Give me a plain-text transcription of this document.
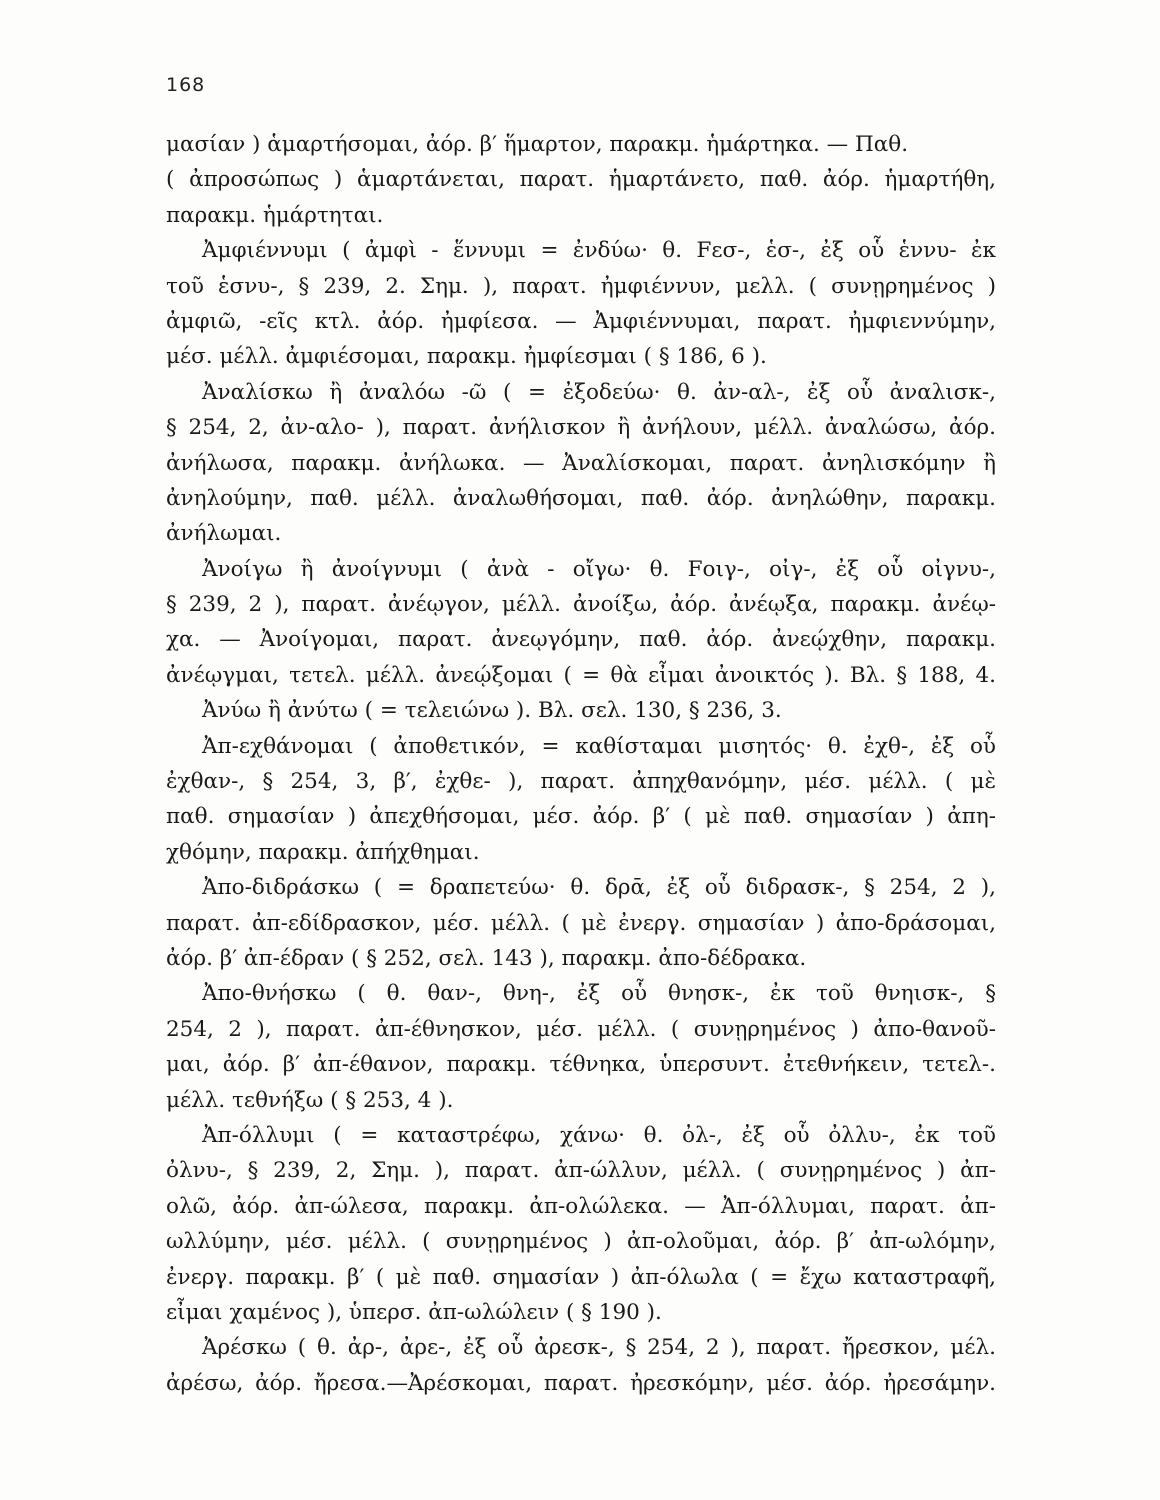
168
μασίαν ) ἁμαρτήσομαι, ἀόρ. β′ ἥμαρτον, παρακμ. ἡμάρτηκα. — Παθ.
( ἀπροσώπως ) ἁμαρτάνεται, παρατ. ἡμαρτάνετο, παθ. ἀόρ. ἡμαρτήθη,
παρακμ. ἡμάρτηται.
Ἀμφιέννυμι ( ἀμφὶ - ἕννυμι = ἐνδύω· θ. Fεσ-, ἑσ-, ἐξ οὗ ἑννυ- ἐκ
τοῦ ἑσνυ-, § 239, 2. Σημ. ), παρατ. ἠμφιέννυν, μελλ. ( συνῃρημένος )
ἀμφιῶ, -εῖς κτλ. ἀόρ. ἠμφίεσα. — Ἀμφιέννυμαι, παρατ. ἠμφιεννύμην,
μέσ. μέλλ. ἀμφιέσομαι, παρακμ. ἠμφίεσμαι ( § 186, 6 ).
Ἀναλίσκω ἢ ἀναλόω -ῶ ( = ἐξοδεύω· θ. ἀν-αλ-, ἐξ οὗ ἀναλισκ-,
§ 254, 2, ἀν-αλο- ), παρατ. ἀνήλισκον ἢ ἀνήλουν, μέλλ. ἀναλώσω, ἀόρ.
ἀνήλωσα, παρακμ. ἀνήλωκα. — Ἀναλίσκομαι, παρατ. ἀνηλισκόμην ἢ
ἀνηλούμην, παθ. μέλλ. ἀναλωθήσομαι, παθ. ἀόρ. ἀνηλώθην, παρακμ.
ἀνήλωμαι.
Ἀνοίγω ἢ ἀνοίγνυμι ( ἀνὰ - οἴγω· θ. Fοιγ-, οἰγ-, ἐξ οὗ οἰγνυ-,
§ 239, 2 ), παρατ. ἀνέῳγον, μέλλ. ἀνοίξω, ἀόρ. ἀνέῳξα, παρακμ. ἀνέῳ-
χα. — Ἀνοίγομαι, παρατ. ἀνεῳγόμην, παθ. ἀόρ. ἀνεῴχθην, παρακμ.
ἀνέῳγμαι, τετελ. μέλλ. ἀνεῴξομαι ( = θὰ εἶμαι ἀνοικτός ). Βλ. § 188, 4.
Ἀνύω ἢ ἀνύτω ( = τελειώνω ). Βλ. σελ. 130, § 236, 3.
Ἀπ-εχθάνομαι ( ἀποθετικόν, = καθίσταμαι μισητός· θ. ἐχθ-, ἐξ οὗ
ἐχθαν-, § 254, 3, β′, ἐχθε- ), παρατ. ἀπηχθανόμην, μέσ. μέλλ. ( μὲ
παθ. σημασίαν ) ἀπεχθήσομαι, μέσ. ἀόρ. β′ ( μὲ παθ. σημασίαν ) ἀπη-
χθόμην, παρακμ. ἀπήχθημαι.
Ἀπο-διδράσκω ( = δραπετεύω· θ. δρᾱ, ἐξ οὗ διδρασκ-, § 254, 2 ),
παρατ. ἀπ-εδίδρασκον, μέσ. μέλλ. ( μὲ ἐνεργ. σημασίαν ) ἀπο-δράσομαι,
ἀόρ. β′ ἀπ-έδραν ( § 252, σελ. 143 ), παρακμ. ἀπο-δέδρακα.
Ἀπο-θνήσκω ( θ. θαν-, θνη-, ἐξ οὗ θνησκ-, ἐκ τοῦ θνηισκ-, §
254, 2 ), παρατ. ἀπ-έθνησκον, μέσ. μέλλ. ( συνῃρημένος ) ἀπο-θανοῦ-
μαι, ἀόρ. β′ ἀπ-έθανον, παρακμ. τέθνηκα, ὑπερσυντ. ἐτεθνήκειν, τετελ-.
μέλλ. τεθνήξω ( § 253, 4 ).
Ἀπ-όλλυμι ( = καταστρέφω, χάνω· θ. ὀλ-, ἐξ οὗ ὀλλυ-, ἐκ τοῦ
ὀλνυ-, § 239, 2, Σημ. ), παρατ. ἀπ-ώλλυν, μέλλ. ( συνῃρημένος ) ἀπ-
ολῶ, ἀόρ. ἀπ-ώλεσα, παρακμ. ἀπ-ολώλεκα. — Ἀπ-όλλυμαι, παρατ. ἀπ-
ωλλύμην, μέσ. μέλλ. ( συνῃρημένος ) ἀπ-ολοῦμαι, ἀόρ. β′ ἀπ-ωλόμην,
ἐνεργ. παρακμ. β′ ( μὲ παθ. σημασίαν ) ἀπ-όλωλα ( = ἔχω καταστραφῆ,
εἶμαι χαμένος ), ὑπερσ. ἀπ-ωλώλειν ( § 190 ).
Ἀρέσκω ( θ. ἀρ-, ἀρε-, ἐξ οὗ ἀρεσκ-, § 254, 2 ), παρατ. ἤρεσκον, μέλ.
ἀρέσω, ἀόρ. ἤρεσα.—Ἀρέσκομαι, παρατ. ἠρεσκόμην, μέσ. ἀόρ. ἠρεσάμην.
